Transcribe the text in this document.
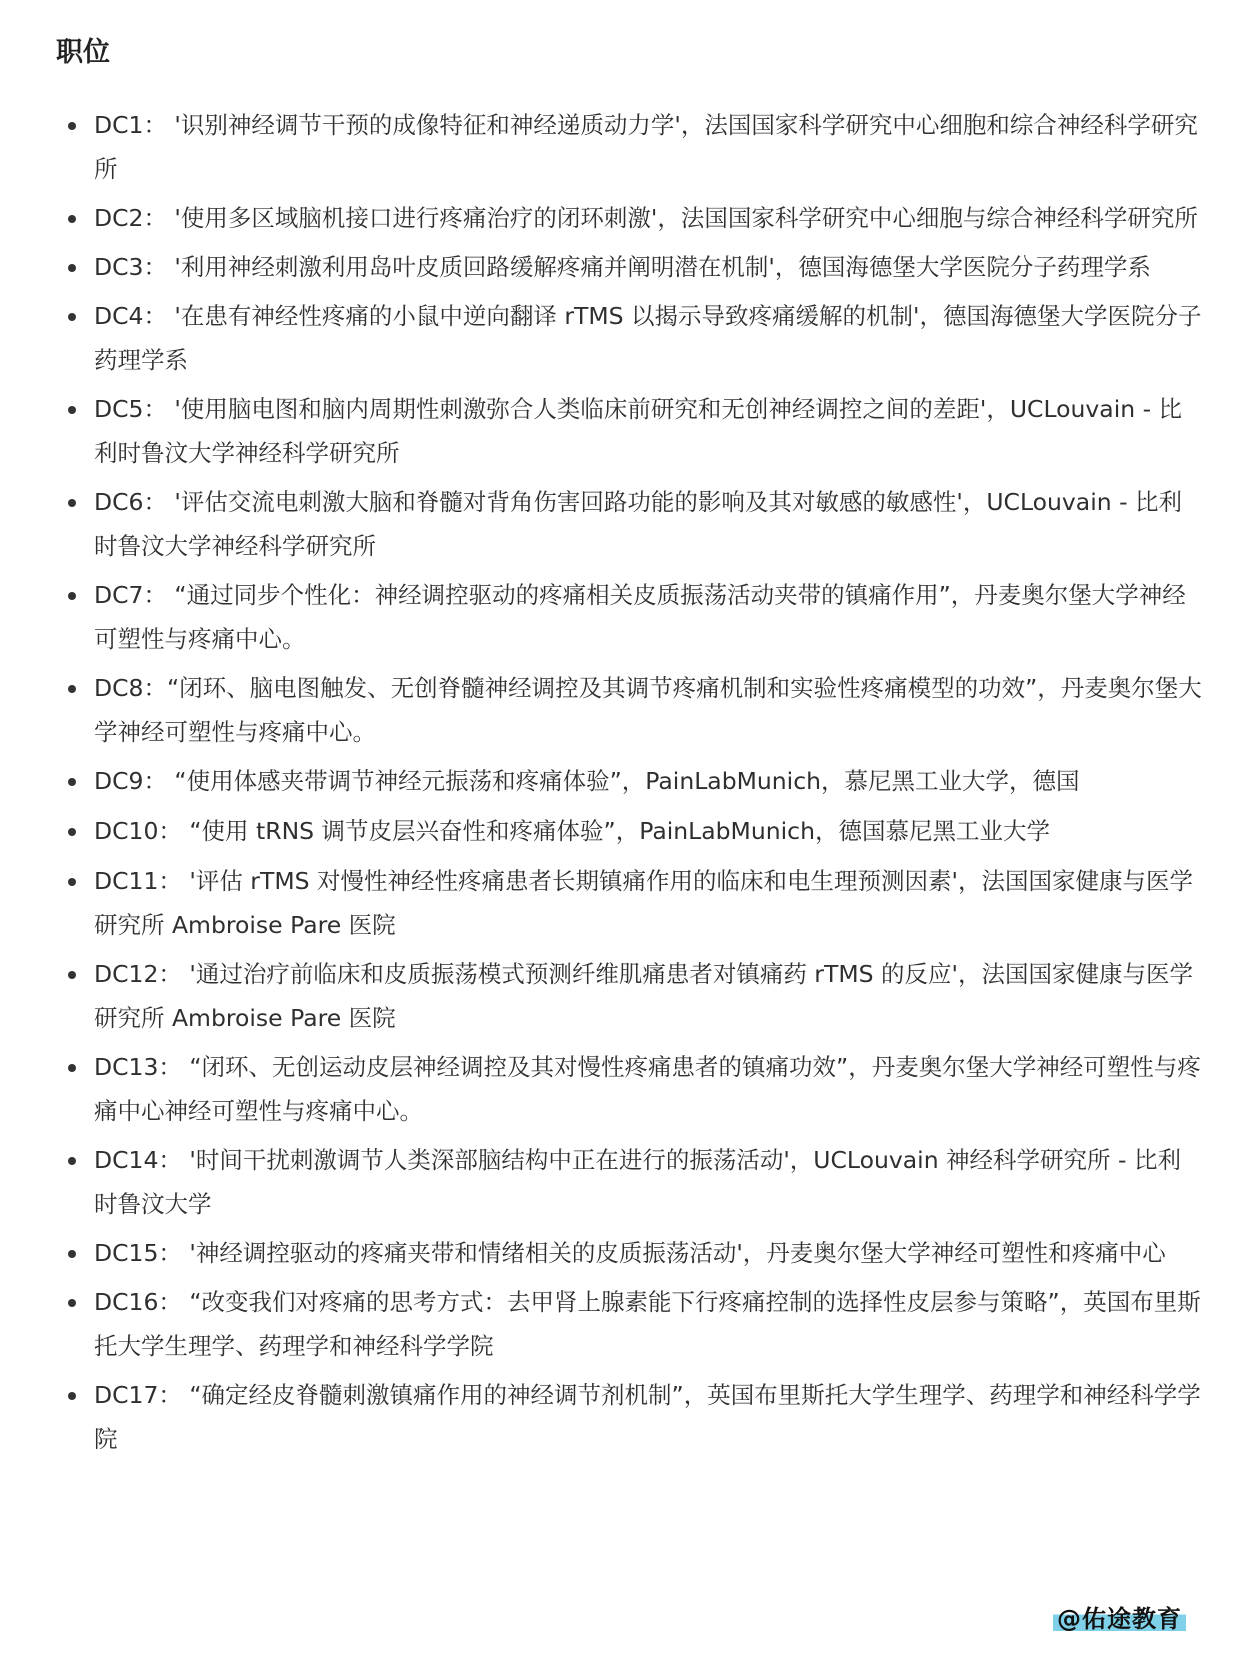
职位
DC1： '识别神经调节干预的成像特征和神经递质动力学'，法国国家科学研究中心细胞和综合神经科学研究所
DC2： '使用多区域脑机接口进行疼痛治疗的闭环刺激'，法国国家科学研究中心细胞与综合神经科学研究所
DC3： '利用神经刺激利用岛叶皮质回路缓解疼痛并阐明潜在机制'，德国海德堡大学医院分子药理学系
DC4： '在患有神经性疼痛的小鼠中逆向翻译 rTMS 以揭示导致疼痛缓解的机制'，德国海德堡大学医院分子药理学系
DC5： '使用脑电图和脑内周期性刺激弥合人类临床前研究和无创神经调控之间的差距'，UCLouvain - 比利时鲁汶大学神经科学研究所
DC6： '评估交流电刺激大脑和脊髓对背角伤害回路功能的影响及其对敏感的敏感性'，UCLouvain - 比利时鲁汶大学神经科学研究所
DC7： “通过同步个性化：神经调控驱动的疼痛相关皮质振荡活动夹带的镇痛作用”，丹麦奥尔堡大学神经可塑性与疼痛中心。
DC8：“闭环、脑电图触发、无创脊髓神经调控及其调节疼痛机制和实验性疼痛模型的功效”，丹麦奥尔堡大学神经可塑性与疼痛中心。
DC9： “使用体感夹带调节神经元振荡和疼痛体验”，PainLabMunich，慕尼黑工业大学，德国
DC10： “使用 tRNS 调节皮层兴奋性和疼痛体验”，PainLabMunich，德国慕尼黑工业大学
DC11： '评估 rTMS 对慢性神经性疼痛患者长期镇痛作用的临床和电生理预测因素'，法国国家健康与医学研究所 Ambroise Pare 医院
DC12： '通过治疗前临床和皮质振荡模式预测纤维肌痛患者对镇痛药 rTMS 的反应'，法国国家健康与医学研究所 Ambroise Pare 医院
DC13： “闭环、无创运动皮层神经调控及其对慢性疼痛患者的镇痛功效”，丹麦奥尔堡大学神经可塑性与疼痛中心神经可塑性与疼痛中心。
DC14： '时间干扰刺激调节人类深部脑结构中正在进行的振荡活动'，UCLouvain 神经科学研究所 - 比利时鲁汶大学
DC15： '神经调控驱动的疼痛夹带和情绪相关的皮质振荡活动'，丹麦奥尔堡大学神经可塑性和疼痛中心
DC16： “改变我们对疼痛的思考方式：去甲肾上腺素能下行疼痛控制的选择性皮层参与策略”，英国布里斯托大学生理学、药理学和神经科学学院
DC17： “确定经皮脊髓刺激镇痛作用的神经调节剂机制”，英国布里斯托大学生理学、药理学和神经科学学院
@佑途教育
